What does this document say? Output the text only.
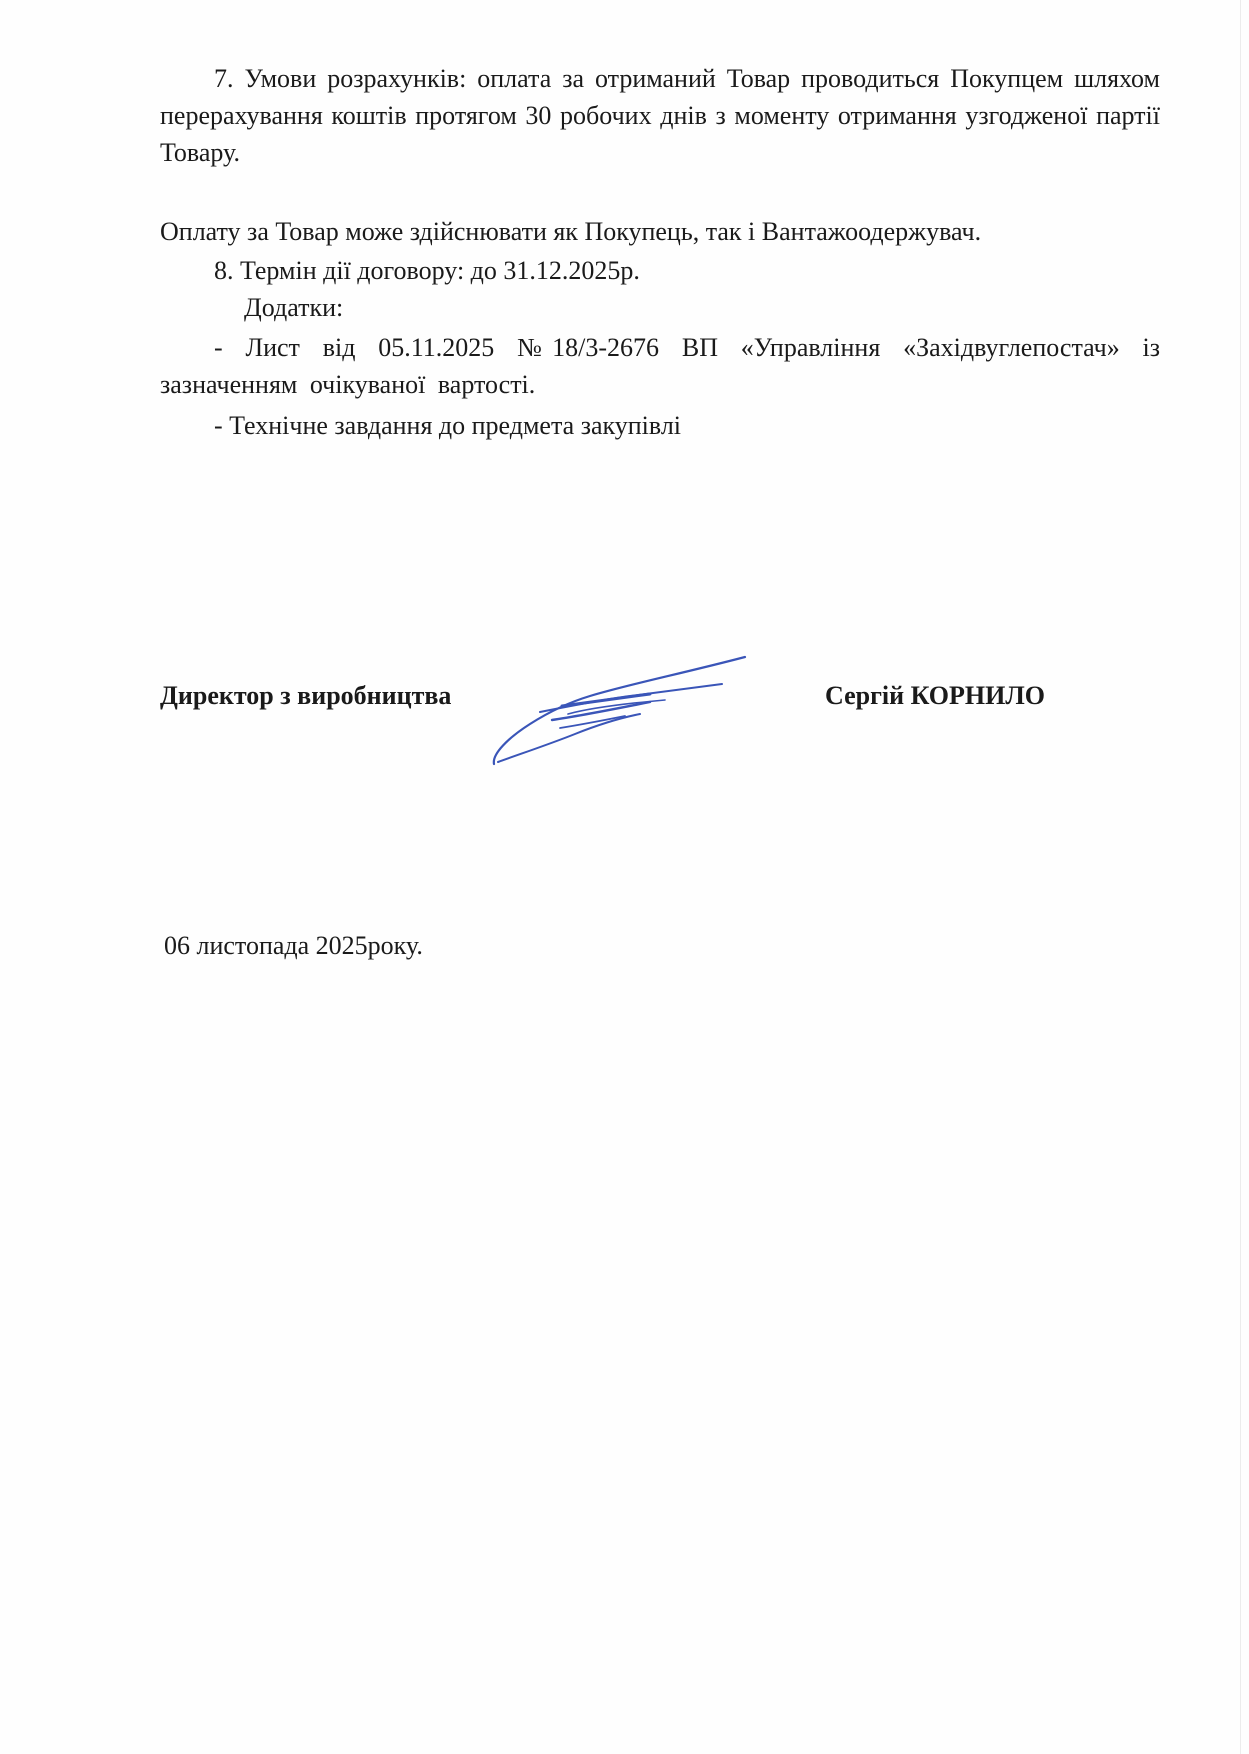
7. Умови розрахунків: оплата за отриманий Товар проводиться Покупцем шляхом перерахування коштів протягом 30 робочих днів з моменту отримання узгодженої партії Товару.
Оплату за Товар може здійснювати як Покупець, так і Вантажоодержувач.
8. Термін дії договору: до 31.12.2025р.
Додатки:
- Лист від 05.11.2025 №18/3-2676 ВП «Управління «Західвуглепостач» із зазначенням очікуваної вартості.
- Технічне завдання до предмета закупівлі
Директор з виробництва	Сергій КОРНИЛО
06 листопада 2025року.
